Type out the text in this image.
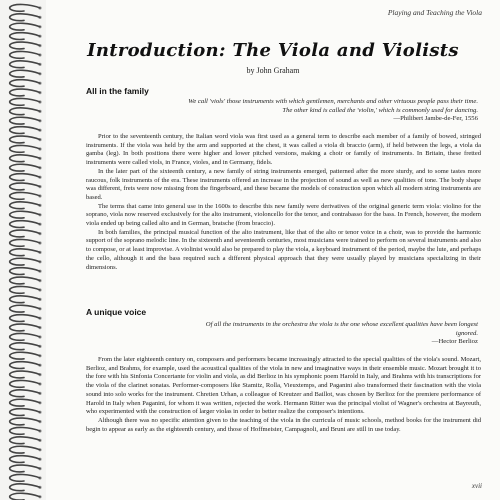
Playing and Teaching the Viola
Introduction: The Viola and Violists
by John Graham
All in the family
We call 'viols' those instruments with which gentlemen, merchants and other virtuous people pass their time. The other kind is called the 'violin,' which is commonly used for dancing.
—Philibert Jambe-de-Fer, 1556

Prior to the seventeenth century, the Italian word viola was first used as a general term to describe each member of a family of bowed, stringed instruments. If the viola was held by the arm and supported at the chest, it was called a viola di braccio (arm), if held between the legs, a viola da gamba (leg). In both positions there were higher and lower pitched versions, making a choir or family of instruments. In Britain, these fretted instruments were called viols, in France, violes, and in Germany, fidels.

In the later part of the sixteenth century, a new family of string instruments emerged, patterned after the more sturdy, and to some tastes more raucous, folk instruments of the era. These instruments offered an increase in the projection of sound as well as new qualities of tone. The body shape was different, frets were now missing from the fingerboard, and these became the models of construction upon which all modern string instruments are based.

The terms that came into general use in the 1600s to describe this new family were derivatives of the original generic term viola: violino for the soprano, viola now reserved exclusively for the alto instrument, violoncello for the tenor, and contrabasso for the bass. In French, however, the modern viola ended up being called alto and in German, bratsche (from braccio).

In both families, the principal musical function of the alto instrument, like that of the alto or tenor voice in a choir, was to provide the harmonic support of the soprano melodic line. In the sixteenth and seventeenth centuries, most musicians were trained to perform on several instruments and also to compose, or at least improvise. A violinist would also be prepared to play the viola, a keyboard instrument of the period, maybe the lute, and perhaps the cello, although it and the bass required such a different physical approach that they were usually played by musicians specializing in their dimensions.

A unique voice
Of all the instruments in the orchestra the viola is the one whose excellent qualities have been longest ignored.
—Hector Berlioz

From the later eighteenth century on, composers and performers became increasingly attracted to the special qualities of the viola's sound. Mozart, Berlioz, and Brahms, for example, used the acoustical qualities of the viola in new and imaginative ways in their ensemble music. Mozart brought it to the fore with his Sinfonia Concertante for violin and viola, as did Berlioz in his symphonic poem Harold in Italy, and Brahms with his transcriptions for the viola of the clarinet sonatas. Performer-composers like Stamitz, Rolla, Vieuxtemps, and Paganini also transformed their fascination with the viola sound into solo works for the instrument. Chretien Urhan, a colleague of Kreutzer and Baillot, was chosen by Berlioz for the premiere performance of Harold in Italy when Paganini, for whom it was written, rejected the work. Hermann Ritter was the principal violist of Wagner's orchestra at Bayreuth, who experimented with the construction of larger violas in order to better realize the composer's intentions.

Although there was no specific attention given to the teaching of the viola in the curricula of music schools, method books for the instrument did begin to appear as early as the eighteenth century, and those of Hoffmeister, Campagnoli, and Bruni are still in use today.

xvii
